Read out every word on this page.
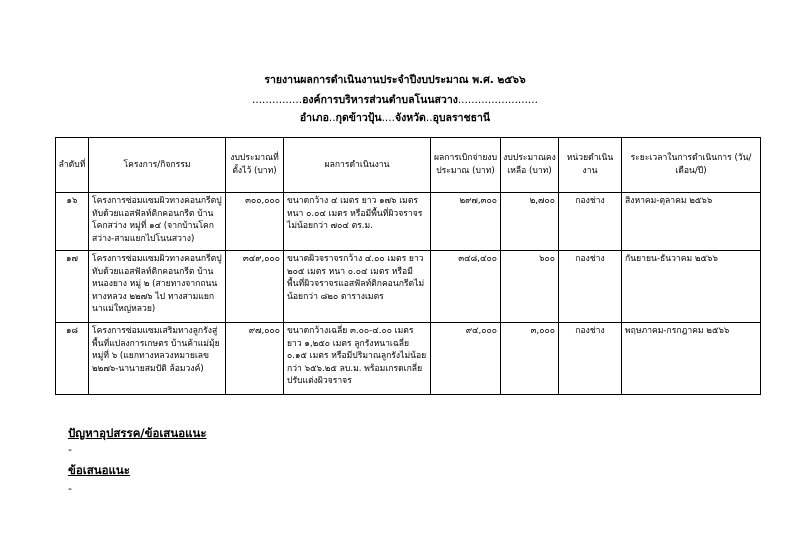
รายงานผลการดำเนินงานประจำปีงบประมาณ พ.ศ. ๒๕๖๖
...............องค์การบริหารส่วนตำบลโนนสวาง........................
อำเภอ..กุดข้าวปุ้น....จังหวัด..อุบลราชธานี
ลำดับที่	โครงการ/กิจกรรม	งบประมาณที่ตั้งไว้ (บาท)	ผลการดำเนินงาน	ผลการเบิกจ่ายงบประมาณ (บาท)	งบประมาณคงเหลือ (บาท)	หน่วยดำเนินงาน	ระยะเวลาในการดำเนินการ (วัน/เดือน/ปี)
๑๖	โครงการซ่อมแซมผิวทางคอนกรีตปูทับด้วยแอสฟัลท์ติกคอนกรีต บ้านโคกสว่าง หมู่ที่ ๑๔ (จากบ้านโคกสว่าง-สามแยกไปโนนสวาง)	๓๐๐,๐๐๐	ขนาดกว้าง ๔ เมตร ยาว ๑๗๖ เมตร หนา ๐.๐๔ เมตร หรือมีพื้นที่ผิวจราจรไม่น้อยกว่า ๗๐๔ ตร.ม.	๒๙๗,๓๐๐	๒,๗๐๐	กองช่าง	สิงหาคม-ตุลาคม ๒๕๖๖
๑๗	โครงการซ่อมแซมผิวทางคอนกรีตปูทับด้วยแอสฟัลท์ติกคอนกรีต บ้านหนองยาง หมู่ ๒ (สายทางจากถนนทางหลวง ๒๒๗๖ ไป ทางสามแยกนาแม่ใหญ่หลวย)	๓๔๙,๐๐๐	ขนาดผิวจราจรกว้าง ๔.๐๐ เมตร ยาว ๒๐๕ เมตร หนา ๐.๐๔ เมตร หรือมีพื้นที่ผิวจราจรแอสฟัลท์ติกคอนกรีตไม่น้อยกว่า ๘๒๐ ตารางเมตร	๓๔๘,๔๐๐	๖๐๐	กองช่าง	กันยายน-ธันวาคม ๒๕๖๖
๑๘	โครงการซ่อมแซมเสริมทางลูกรังสู่พื้นที่แปลงการเกษตร บ้านค้าแม่มุ้ย หมู่ที่ ๖ (แยกทางหลวงหมายเลข ๒๒๗๖-นานายสมปัติ ล้อมวงค์)	๙๗,๐๐๐	ขนาดกว้างเฉลี่ย ๓.๐๐-๔.๐๐ เมตร ยาว ๑,๒๕๐ เมตร ลูกรังหนาเฉลี่ย ๐.๑๕ เมตร หรือมีปริมาณลูกรังไม่น้อยกว่า ๖๕๖.๒๕ ลบ.ม. พร้อมเกรดเกลี่ยปรับแต่งผิวจราจร	๙๔,๐๐๐	๓,๐๐๐	กองช่าง	พฤษภาคม-กรกฎาคม ๒๕๖๖
ปัญหาอุปสรรค/ข้อเสนอแนะ
-
ข้อเสนอแนะ
-
